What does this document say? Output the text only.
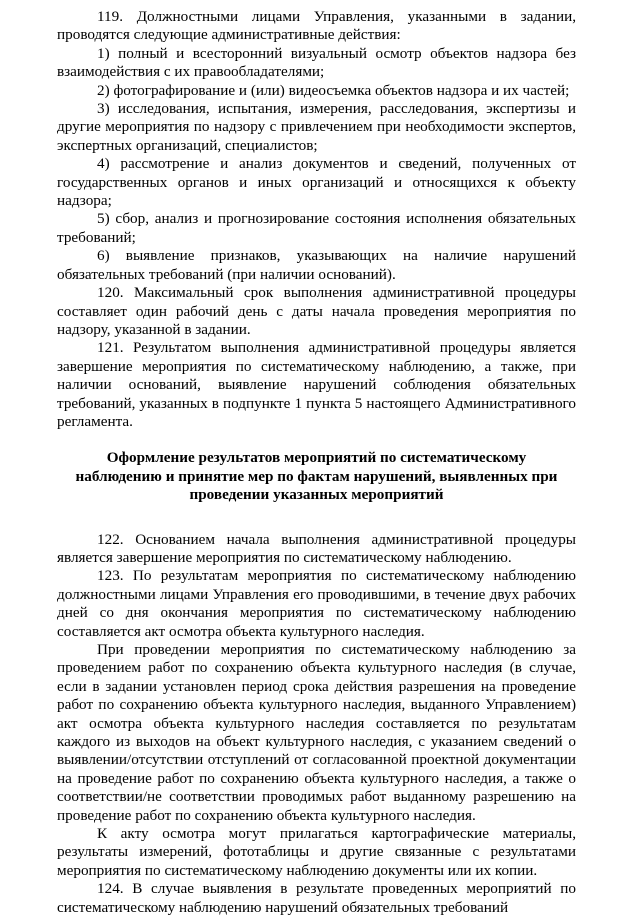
119. Должностными лицами Управления, указанными в задании, проводятся следующие административные действия:

1) полный и всесторонний визуальный осмотр объектов надзора без взаимодействия с их правообладателями;

2) фотографирование и (или) видеосъемка объектов надзора и их частей;

3) исследования, испытания, измерения, расследования, экспертизы и другие мероприятия по надзору с привлечением при необходимости экспертов, экспертных организаций, специалистов;

4) рассмотрение и анализ документов и сведений, полученных от государственных органов и иных организаций и относящихся к объекту надзора;

5) сбор, анализ и прогнозирование состояния исполнения обязательных требований;

6) выявление признаков, указывающих на наличие нарушений обязательных требований (при наличии оснований).

120. Максимальный срок выполнения административной процедуры составляет один рабочий день с даты начала проведения мероприятия по надзору, указанной в задании.

121. Результатом выполнения административной процедуры является завершение мероприятия по систематическому наблюдению, а также, при наличии оснований, выявление нарушений соблюдения обязательных требований, указанных в подпункте 1 пункта 5 настоящего Административного регламента.

Оформление результатов мероприятий по систематическому наблюдению и принятие мер по фактам нарушений, выявленных при проведении указанных мероприятий

122. Основанием начала выполнения административной процедуры является завершение мероприятия по систематическому наблюдению.

123. По результатам мероприятия по систематическому наблюдению должностными лицами Управления его проводившими, в течение двух рабочих дней со дня окончания мероприятия по систематическому наблюдению составляется акт осмотра объекта культурного наследия.

При проведении мероприятия по систематическому наблюдению за проведением работ по сохранению объекта культурного наследия (в случае, если в задании установлен период срока действия разрешения на проведение работ по сохранению объекта культурного наследия, выданного Управлением) акт осмотра объекта культурного наследия составляется по результатам каждого из выходов на объект культурного наследия, с указанием сведений о выявлении/отсутствии отступлений от согласованной проектной документации на проведение работ по сохранению объекта культурного наследия, а также о соответствии/не соответствии проводимых работ выданному разрешению на проведение работ по сохранению объекта культурного наследия.

К акту осмотра могут прилагаться картографические материалы, результаты измерений, фототаблицы и другие связанные с результатами мероприятия по систематическому наблюдению документы или их копии.

124. В случае выявления в результате проведенных мероприятий по систематическому наблюдению нарушений обязательных требований
